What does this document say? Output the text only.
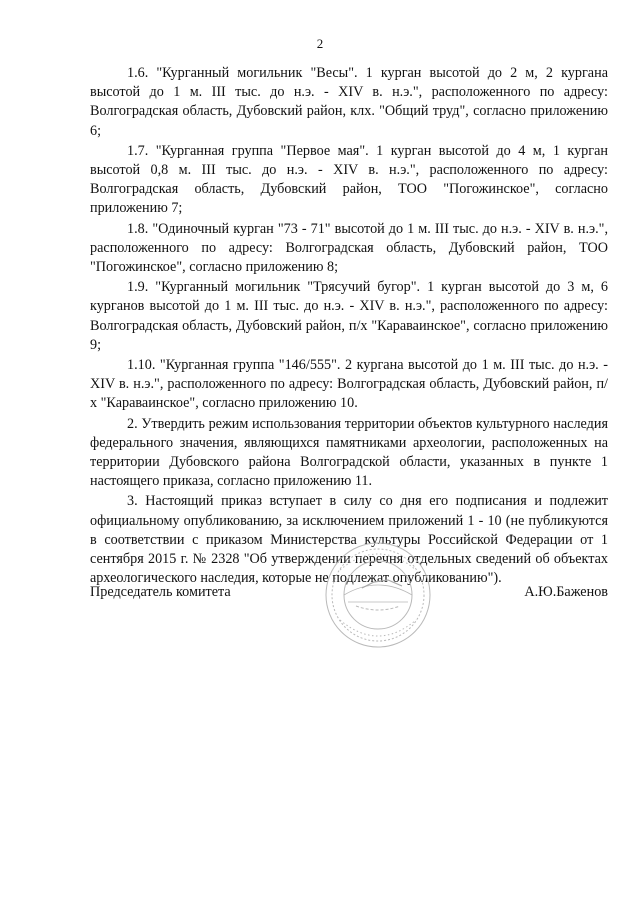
2

1.6. "Курганный могильник "Весы". 1 курган высотой до 2 м, 2 кургана высотой до 1 м. III тыс. до н.э. - XIV в. н.э.", расположенного по адресу: Волгоградская область, Дубовский район, клх. "Общий труд", согласно приложению 6;

1.7. "Курганная группа "Первое мая". 1 курган высотой до 4 м, 1 курган высотой 0,8 м. III тыс. до н.э. - XIV в. н.э.", расположенного по адресу: Волгоградская область, Дубовский район, ТОО "Погожинское", согласно приложению 7;

1.8. "Одиночный курган "73 - 71" высотой до 1 м. III тыс. до н.э. - XIV в. н.э.", расположенного по адресу: Волгоградская область, Дубовский район, ТОО "Погожинское", согласно приложению 8;

1.9. "Курганный могильник "Трясучий бугор". 1 курган высотой до 3 м, 6 курганов высотой до 1 м. III тыс. до н.э. - XIV в. н.э.", расположенного по адресу: Волгоградская область, Дубовский район, п/х "Караваинское", согласно приложению 9;

1.10. "Курганная группа "146/555". 2 кургана высотой до 1 м. III тыс. до н.э. - XIV в. н.э.", расположенного по адресу: Волгоградская область, Дубовский район, п/х "Караваинское", согласно приложению 10.

2. Утвердить режим использования территории объектов культурного наследия федерального значения, являющихся памятниками археологии, расположенных на территории Дубовского района Волгоградской области, указанных в пункте 1 настоящего приказа, согласно приложению 11.

3. Настоящий приказ вступает в силу со дня его подписания и подлежит официальному опубликованию, за исключением приложений 1 - 10 (не публикуются в соответствии с приказом Министерства культуры Российской Федерации от 1 сентября 2015 г. № 2328 "Об утверждении перечня отдельных сведений об объектах археологического наследия, которые не подлежат опубликованию").

Председатель комитета	А.Ю.Баженов
